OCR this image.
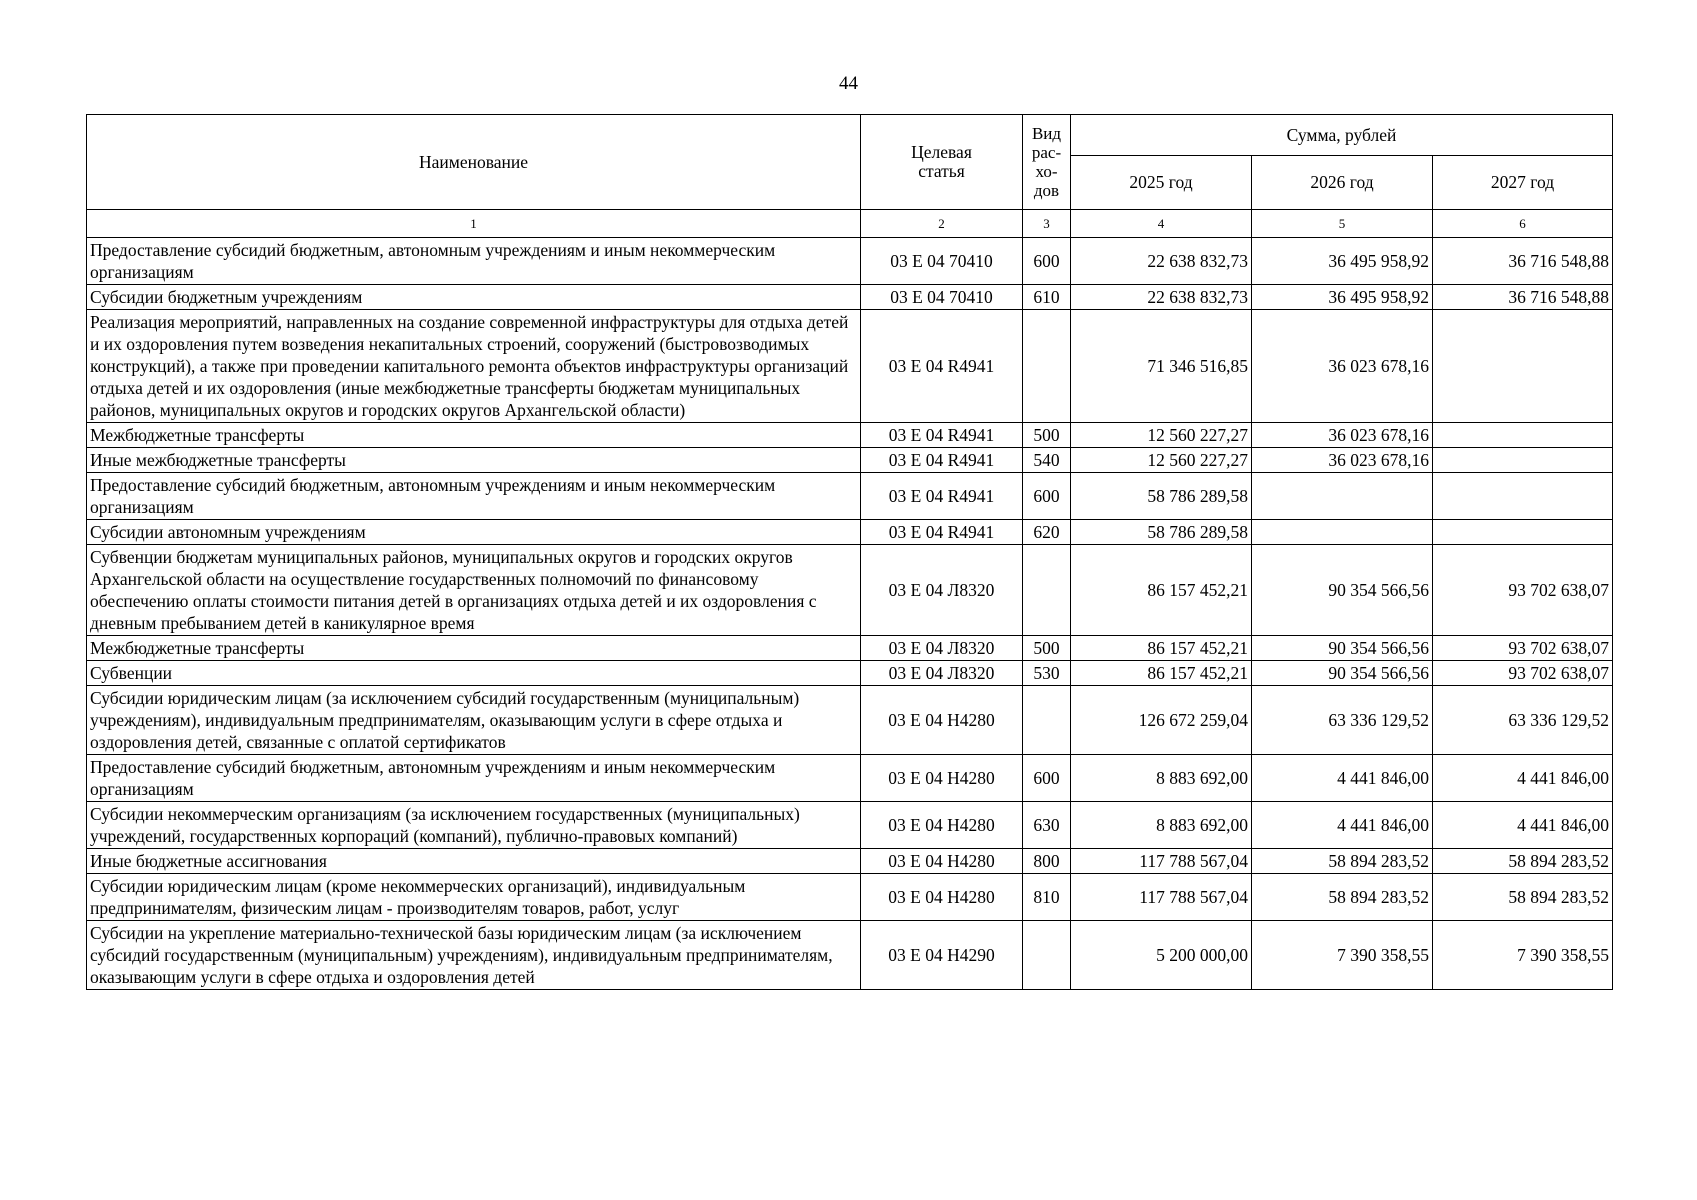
44
Наименование	Целевая статья	Вид
рас-
хо-
дов	Сумма, рублей		
			2025 год	2026 год	2027 год
1	2	3	4	5	6
Предоставление субсидий бюджетным, автономным учреждениям и иным некоммерческим организациям	03 Е 04 70410	600	22 638 832,73	36 495 958,92	36 716 548,88
Субсидии бюджетным учреждениям	03 Е 04 70410	610	22 638 832,73	36 495 958,92	36 716 548,88
Реализация мероприятий, направленных на создание современной инфраструктуры для отдыха детей и их оздоровления путем возведения некапитальных строений, сооружений (быстровозводимых конструкций), а также при проведении капитального ремонта объектов инфраструктуры организаций отдыха детей и их оздоровления (иные межбюджетные трансферты бюджетам муниципальных районов, муниципальных округов и городских округов Архангельской области)	03 Е 04 R4941		71 346 516,85	36 023 678,16	
Межбюджетные трансферты	03 Е 04 R4941	500	12 560 227,27	36 023 678,16	
Иные межбюджетные трансферты	03 Е 04 R4941	540	12 560 227,27	36 023 678,16	
Предоставление субсидий бюджетным, автономным учреждениям и иным некоммерческим организациям	03 Е 04 R4941	600	58 786 289,58		
Субсидии автономным учреждениям	03 Е 04 R4941	620	58 786 289,58		
Субвенции бюджетам муниципальных районов, муниципальных округов и городских округов Архангельской области на осуществление государственных полномочий по финансовому обеспечению оплаты стоимости питания детей в организациях отдыха детей и их оздоровления с дневным пребыванием детей в каникулярное время	03 Е 04 Л8320		86 157 452,21	90 354 566,56	93 702 638,07
Межбюджетные трансферты	03 Е 04 Л8320	500	86 157 452,21	90 354 566,56	93 702 638,07
Субвенции	03 Е 04 Л8320	530	86 157 452,21	90 354 566,56	93 702 638,07
Субсидии юридическим лицам (за исключением субсидий государственным (муниципальным) учреждениям), индивидуальным предпринимателям, оказывающим услуги в сфере отдыха и оздоровления детей, связанные с оплатой сертификатов	03 Е 04 Н4280		126 672 259,04	63 336 129,52	63 336 129,52
Предоставление субсидий бюджетным, автономным учреждениям и иным некоммерческим организациям	03 Е 04 Н4280	600	8 883 692,00	4 441 846,00	4 441 846,00
Субсидии некоммерческим организациям (за исключением государственных (муниципальных) учреждений, государственных корпораций (компаний), публично-правовых компаний)	03 Е 04 Н4280	630	8 883 692,00	4 441 846,00	4 441 846,00
Иные бюджетные ассигнования	03 Е 04 Н4280	800	117 788 567,04	58 894 283,52	58 894 283,52
Субсидии юридическим лицам (кроме некоммерческих организаций), индивидуальным предпринимателям, физическим лицам - производителям товаров, работ, услуг	03 Е 04 Н4280	810	117 788 567,04	58 894 283,52	58 894 283,52
Субсидии на укрепление материально-технической базы юридическим лицам (за исключением субсидий государственным (муниципальным) учреждениям), индивидуальным предпринимателям, оказывающим услуги в сфере отдыха и оздоровления детей	03 Е 04 Н4290		5 200 000,00	7 390 358,55	7 390 358,55
